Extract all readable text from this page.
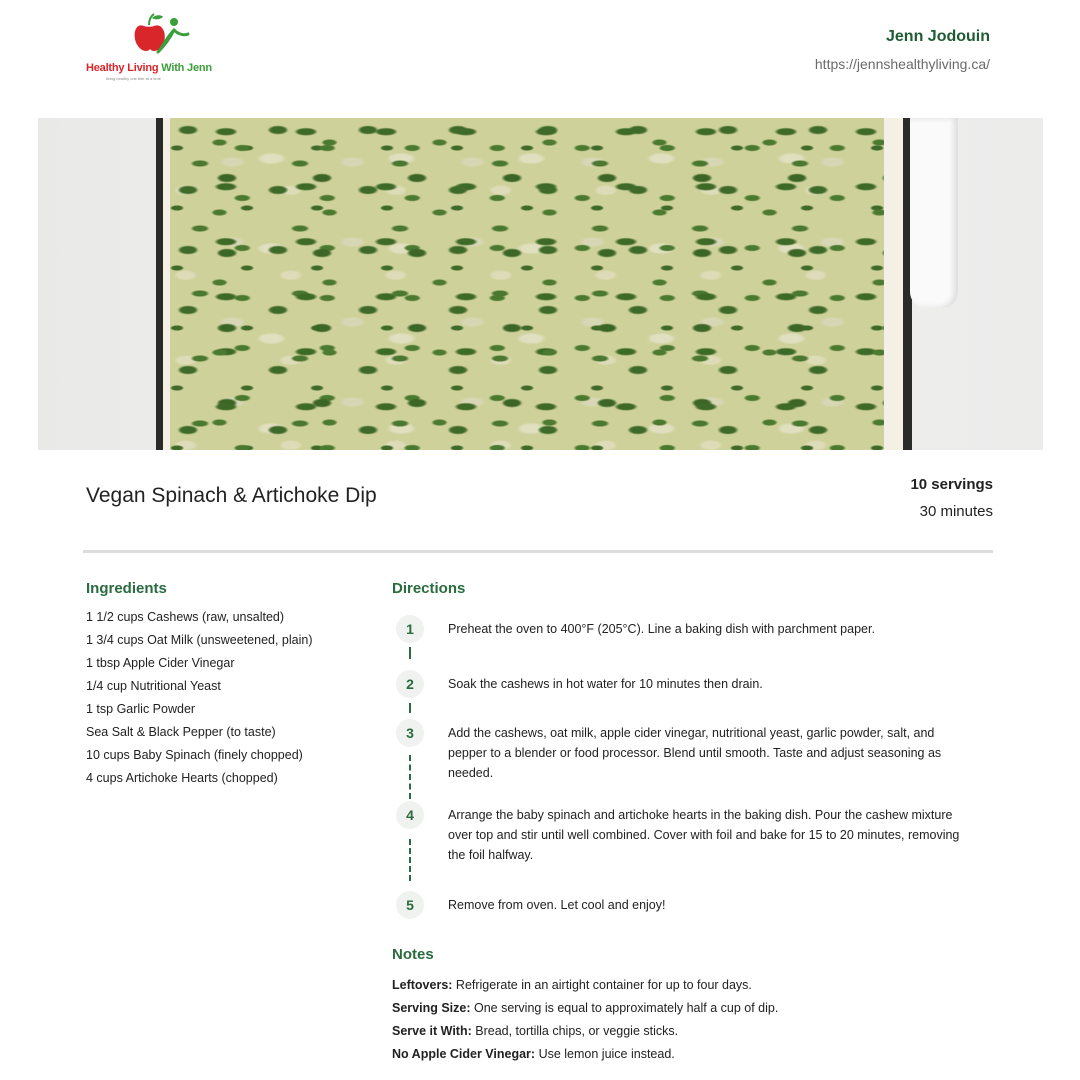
Healthy Living With Jenn
living healthy one bite at a time
Jenn Jodouin
https://jennshealthyliving.ca/
Vegan Spinach & Artichoke Dip	10 servings
30 minutes
Ingredients
1 1/2 cups Cashews (raw, unsalted)
1 3/4 cups Oat Milk (unsweetened, plain)
1 tbsp Apple Cider Vinegar
1/4 cup Nutritional Yeast
1 tsp Garlic Powder
Sea Salt & Black Pepper (to taste)
10 cups Baby Spinach (finely chopped)
4 cups Artichoke Hearts (chopped)
Directions
1	Preheat the oven to 400°F (205°C). Line a baking dish with parchment paper.
2	Soak the cashews in hot water for 10 minutes then drain.
3	Add the cashews, oat milk, apple cider vinegar, nutritional yeast, garlic powder, salt, and pepper to a blender or food processor. Blend until smooth. Taste and adjust seasoning as needed.
4	Arrange the baby spinach and artichoke hearts in the baking dish. Pour the cashew mixture over top and stir until well combined. Cover with foil and bake for 15 to 20 minutes, removing the foil halfway.
5	Remove from oven. Let cool and enjoy!
Notes
Leftovers: Refrigerate in an airtight container for up to four days.
Serving Size: One serving is equal to approximately half a cup of dip.
Serve it With: Bread, tortilla chips, or veggie sticks.
No Apple Cider Vinegar: Use lemon juice instead.
